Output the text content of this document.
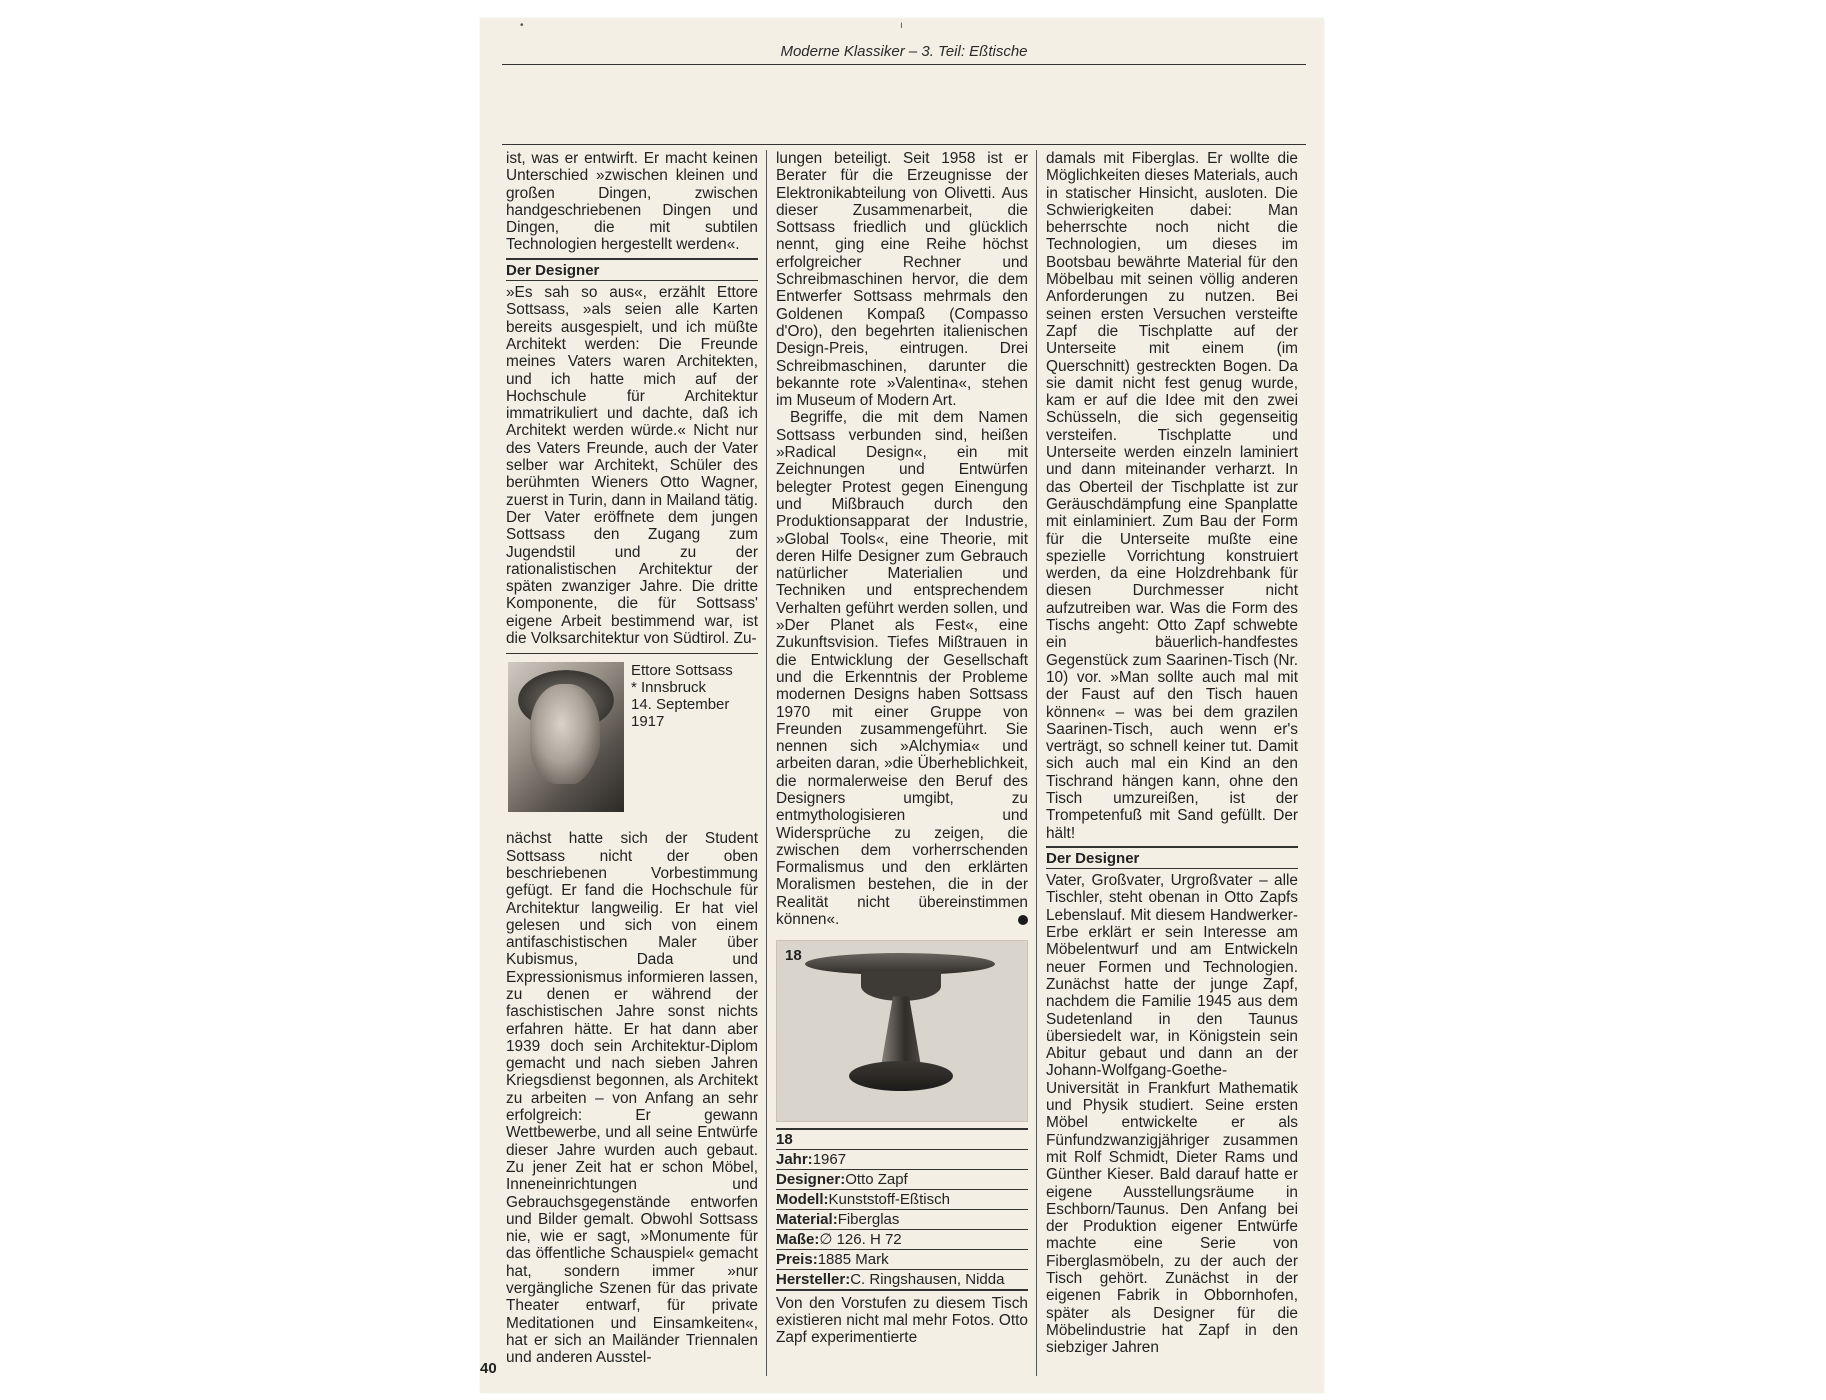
•	ı
Moderne Klassiker – 3. Teil: Eßtische

ist, was er entwirft. Er macht keinen Unterschied »zwischen kleinen und großen Dingen, zwischen handgeschriebenen Dingen und Dingen, die mit subtilen Technologien hergestellt werden«.

Der Designer

»Es sah so aus«, erzählt Ettore Sottsass, »als seien alle Karten bereits ausgespielt, und ich müßte Architekt werden: Die Freunde meines Vaters waren Architekten, und ich hatte mich auf der Hochschule für Architektur immatrikuliert und dachte, daß ich Architekt werden würde.« Nicht nur des Vaters Freunde, auch der Vater selber war Architekt, Schüler des berühmten Wieners Otto Wagner, zuerst in Turin, dann in Mailand tätig. Der Vater eröffnete dem jungen Sottsass den Zugang zum Jugendstil und zu der rationalistischen Architektur der späten zwanziger Jahre. Die dritte Komponente, die für Sottsass' eigene Arbeit bestimmend war, ist die Volksarchitektur von Südtirol. Zu-

Ettore Sottsass
* Innsbruck
14. September
1917

nächst hatte sich der Student Sottsass nicht der oben beschriebenen Vorbestimmung gefügt. Er fand die Hochschule für Architektur langweilig. Er hat viel gelesen und sich von einem antifaschistischen Maler über Kubismus, Dada und Expressionismus informieren lassen, zu denen er während der faschistischen Jahre sonst nichts erfahren hätte. Er hat dann aber 1939 doch sein Architektur-Diplom gemacht und nach sieben Jahren Kriegsdienst begonnen, als Architekt zu arbeiten – von Anfang an sehr erfolgreich: Er gewann Wettbewerbe, und all seine Entwürfe dieser Jahre wurden auch gebaut. Zu jener Zeit hat er schon Möbel, Inneneinrichtungen und Gebrauchsgegenstände entworfen und Bilder gemalt. Obwohl Sottsass nie, wie er sagt, »Monumente für das öffentliche Schauspiel« gemacht hat, sondern immer »nur vergängliche Szenen für das private Theater entwarf, für private Meditationen und Einsamkeiten«, hat er sich an Mailänder Triennalen und anderen Ausstel-

lungen beteiligt. Seit 1958 ist er Berater für die Erzeugnisse der Elektronikabteilung von Olivetti. Aus dieser Zusammenarbeit, die Sottsass friedlich und glücklich nennt, ging eine Reihe höchst erfolgreicher Rechner und Schreibmaschinen hervor, die dem Entwerfer Sottsass mehrmals den Goldenen Kompaß (Compasso d'Oro), den begehrten italienischen Design-Preis, eintrugen. Drei Schreibmaschinen, darunter die bekannte rote »Valentina«, stehen im Museum of Modern Art.

Begriffe, die mit dem Namen Sottsass verbunden sind, heißen »Radical Design«, ein mit Zeichnungen und Entwürfen belegter Protest gegen Einengung und Mißbrauch durch den Produktionsapparat der Industrie, »Global Tools«, eine Theorie, mit deren Hilfe Designer zum Gebrauch natürlicher Materialien und Techniken und entsprechendem Verhalten geführt werden sollen, und »Der Planet als Fest«, eine Zukunftsvision. Tiefes Mißtrauen in die Entwicklung der Gesellschaft und die Erkenntnis der Probleme modernen Designs haben Sottsass 1970 mit einer Gruppe von Freunden zusammengeführt. Sie nennen sich »Alchymia« und arbeiten daran, »die Überheblichkeit, die normalerweise den Beruf des Designers umgibt, zu entmythologisieren und Widersprüche zu zeigen, die zwischen dem vorherrschenden Formalismus und den erklärten Moralismen bestehen, die in der Realität nicht übereinstimmen können«.

18
18
Jahr:1967
Designer:Otto Zapf
Modell:Kunststoff-Eßtisch
Material:Fiberglas
Maße:∅ 126. H 72
Preis:1885 Mark
Hersteller:C. Ringshausen, Nidda

Von den Vorstufen zu diesem Tisch existieren nicht mal mehr Fotos. Otto Zapf experimentierte

damals mit Fiberglas. Er wollte die Möglichkeiten dieses Materials, auch in statischer Hinsicht, ausloten. Die Schwierigkeiten dabei: Man beherrschte noch nicht die Technologien, um dieses im Bootsbau bewährte Material für den Möbelbau mit seinen völlig anderen Anforderungen zu nutzen. Bei seinen ersten Versuchen versteifte Zapf die Tischplatte auf der Unterseite mit einem (im Querschnitt) gestreckten Bogen. Da sie damit nicht fest genug wurde, kam er auf die Idee mit den zwei Schüsseln, die sich gegenseitig versteifen. Tischplatte und Unterseite werden einzeln laminiert und dann miteinander verharzt. In das Oberteil der Tischplatte ist zur Geräuschdämpfung eine Spanplatte mit einlaminiert. Zum Bau der Form für die Unterseite mußte eine spezielle Vorrichtung konstruiert werden, da eine Holzdrehbank für diesen Durchmesser nicht aufzutreiben war. Was die Form des Tischs angeht: Otto Zapf schwebte ein bäuerlich-handfestes Gegenstück zum Saarinen-Tisch (Nr. 10) vor. »Man sollte auch mal mit der Faust auf den Tisch hauen können« – was bei dem grazilen Saarinen-Tisch, auch wenn er's verträgt, so schnell keiner tut. Damit sich auch mal ein Kind an den Tischrand hängen kann, ohne den Tisch umzureißen, ist der Trompetenfuß mit Sand gefüllt. Der hält!

Der Designer

Vater, Großvater, Urgroßvater – alle Tischler, steht obenan in Otto Zapfs Lebenslauf. Mit diesem Handwerker-Erbe erklärt er sein Interesse am Möbelentwurf und am Entwickeln neuer Formen und Technologien. Zunächst hatte der junge Zapf, nachdem die Familie 1945 aus dem Sudetenland in den Taunus übersiedelt war, in Königstein sein Abitur gebaut und dann an der Johann-Wolfgang-Goethe-Universität in Frankfurt Mathematik und Physik studiert. Seine ersten Möbel entwickelte er als Fünfundzwanzigjähriger zusammen mit Rolf Schmidt, Dieter Rams und Günther Kieser. Bald darauf hatte er eigene Ausstellungsräume in Eschborn/Taunus. Den Anfang bei der Produktion eigener Entwürfe machte eine Serie von Fiberglasmöbeln, zu der auch der Tisch gehört. Zunächst in der eigenen Fabrik in Obbornhofen, später als Designer für die Möbelindustrie hat Zapf in den siebziger Jahren

40
